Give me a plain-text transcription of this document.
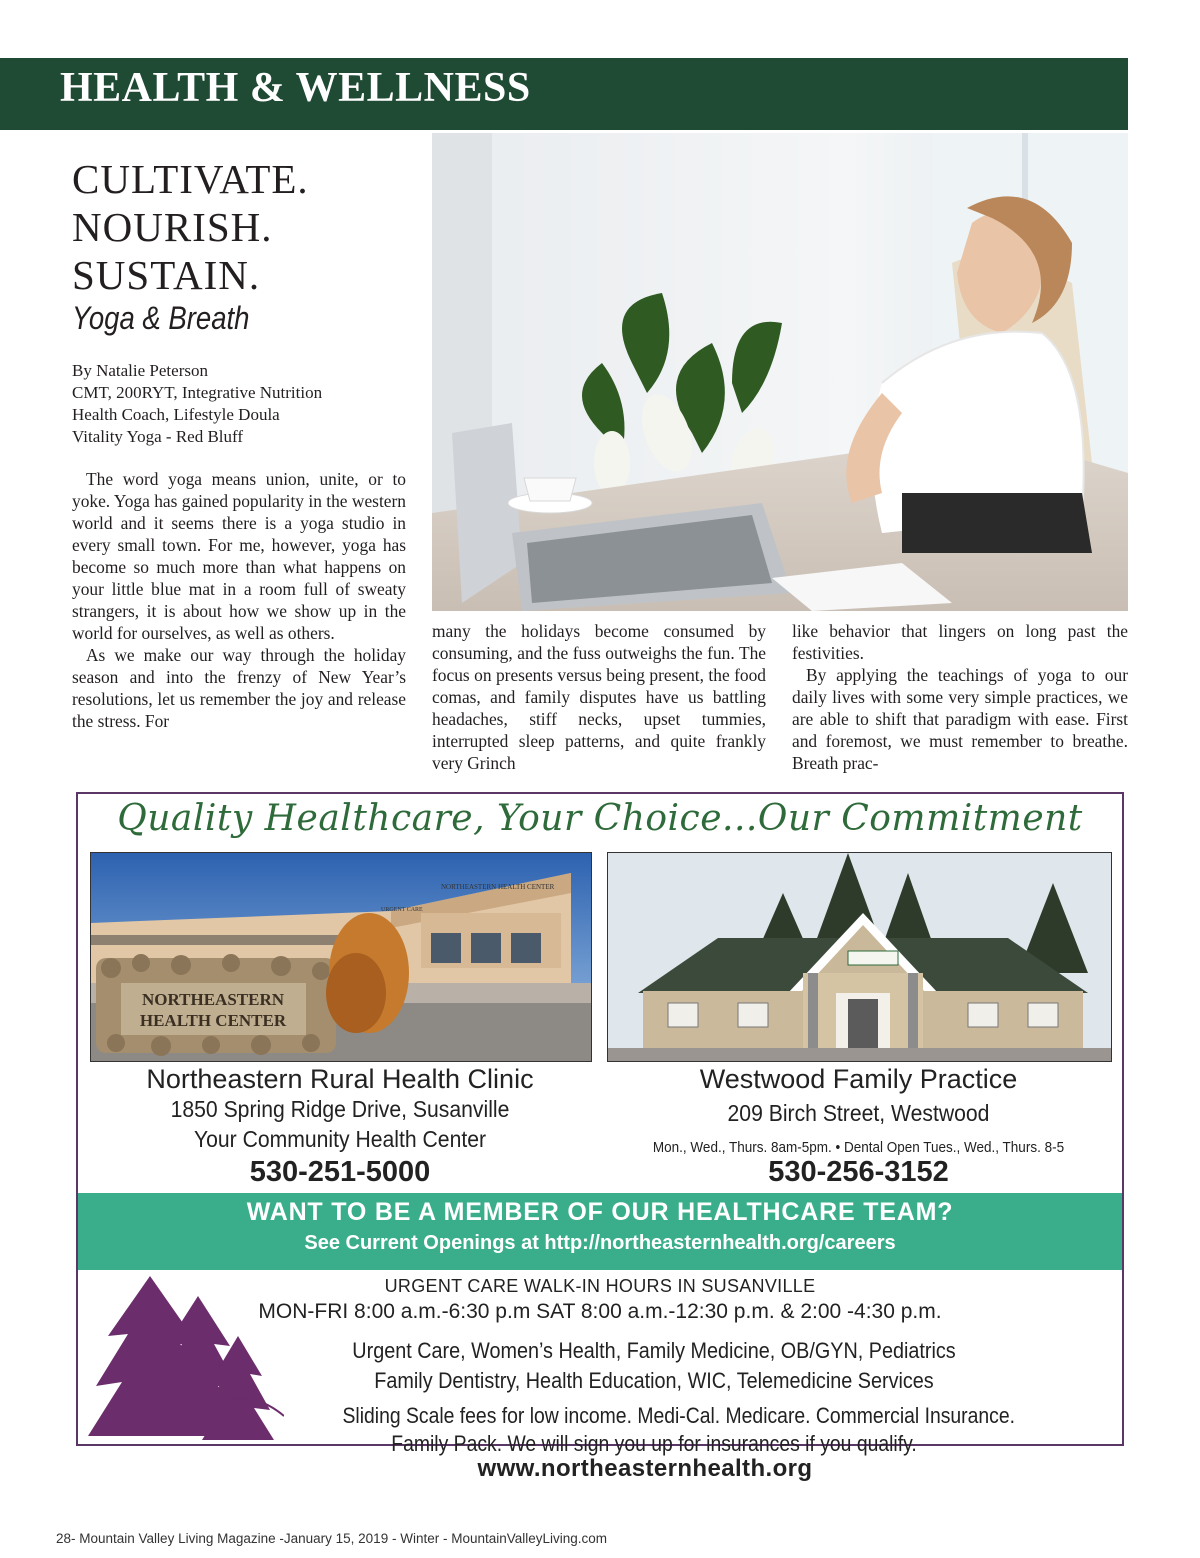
HEALTH & WELLNESS
CULTIVATE.
NOURISH.
SUSTAIN.
Yoga & Breath
By Natalie Peterson
CMT, 200RYT, Integrative Nutrition
Health Coach, Lifestyle Doula
Vitality Yoga - Red Bluff

The word yoga means union, unite, or to yoke. Yoga has gained popularity in the western world and it seems there is a yoga studio in every small town. For me, however, yoga has become so much more than what happens on your little blue mat in a room full of sweaty strangers, it is about how we show up in the world for ourselves, as well as others.

As we make our way through the holiday season and into the frenzy of New Year’s resolutions, let us remember the joy and release the stress. For

many the holidays become consumed by consuming, and the fuss outweighs the fun. The focus on presents versus being present, the food comas, and family disputes have us battling headaches, stiff necks, upset tummies, interrupted sleep patterns, and quite frankly very Grinch

like behavior that lingers on long past the festivities.

By applying the teachings of yoga to our daily lives with some very simple practices, we are able to shift that paradigm with ease. First and foremost, we must remember to breathe. Breath prac-

Quality Healthcare, Your Choice...Our Commitment
NORTHEASTERN HEALTH CENTER
URGENT CARE
NORTHEASTERN
HEALTH CENTER
Northeastern Rural Health Clinic
1850 Spring Ridge Drive, Susanville
Your Community Health Center
530-251-5000
Westwood Family Practice
209 Birch Street, Westwood
Mon., Wed., Thurs. 8am-5pm. • Dental Open Tues., Wed., Thurs. 8-5
530-256-3152
WANT TO BE A MEMBER OF OUR HEALTHCARE TEAM?
See Current Openings at http://northeasternhealth.org/careers
URGENT CARE WALK-IN HOURS IN SUSANVILLE
MON-FRI 8:00 a.m.-6:30 p.m SAT 8:00 a.m.-12:30 p.m. & 2:00 -4:30 p.m.
Urgent Care, Women’s Health, Family Medicine, OB/GYN, Pediatrics
Family Dentistry, Health Education, WIC, Telemedicine Services
Sliding Scale fees for low income. Medi-Cal. Medicare. Commercial Insurance.
Family Pack. We will sign you up for insurances if you qualify.
www.northeasternhealth.org
28- Mountain Valley Living Magazine -January 15, 2019 - Winter - MountainValleyLiving.com
